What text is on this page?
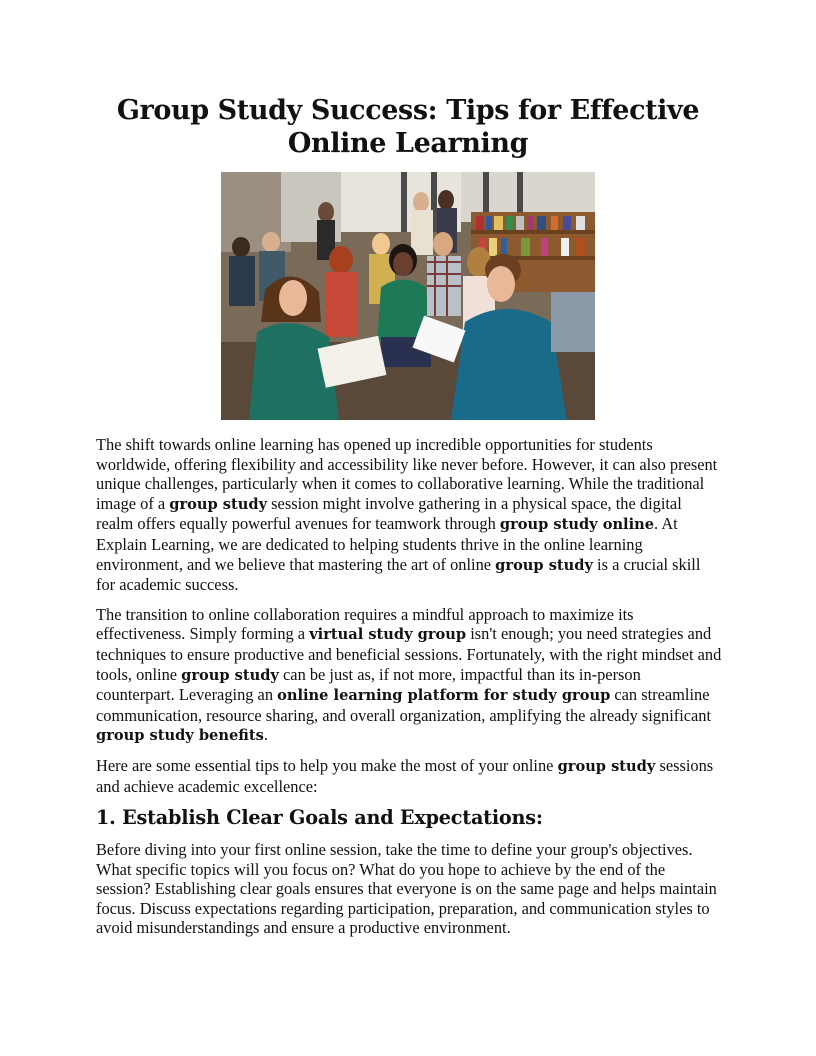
Group Study Success: Tips for Effective Online Learning

The shift towards online learning has opened up incredible opportunities for students worldwide, offering flexibility and accessibility like never before. However, it can also present unique challenges, particularly when it comes to collaborative learning. While the traditional image of a group study session might involve gathering in a physical space, the digital realm offers equally powerful avenues for teamwork through group study online. At Explain Learning, we are dedicated to helping students thrive in the online learning environment, and we believe that mastering the art of online group study is a crucial skill for academic success.

The transition to online collaboration requires a mindful approach to maximize its effectiveness. Simply forming a virtual study group isn't enough; you need strategies and techniques to ensure productive and beneficial sessions. Fortunately, with the right mindset and tools, online group study can be just as, if not more, impactful than its in-person counterpart. Leveraging an online learning platform for study group can streamline communication, resource sharing, and overall organization, amplifying the already significant group study benefits.

Here are some essential tips to help you make the most of your online group study sessions and achieve academic excellence:

1. Establish Clear Goals and Expectations:

Before diving into your first online session, take the time to define your group's objectives. What specific topics will you focus on? What do you hope to achieve by the end of the session? Establishing clear goals ensures that everyone is on the same page and helps maintain focus. Discuss expectations regarding participation, preparation, and communication styles to avoid misunderstandings and ensure a productive environment.
